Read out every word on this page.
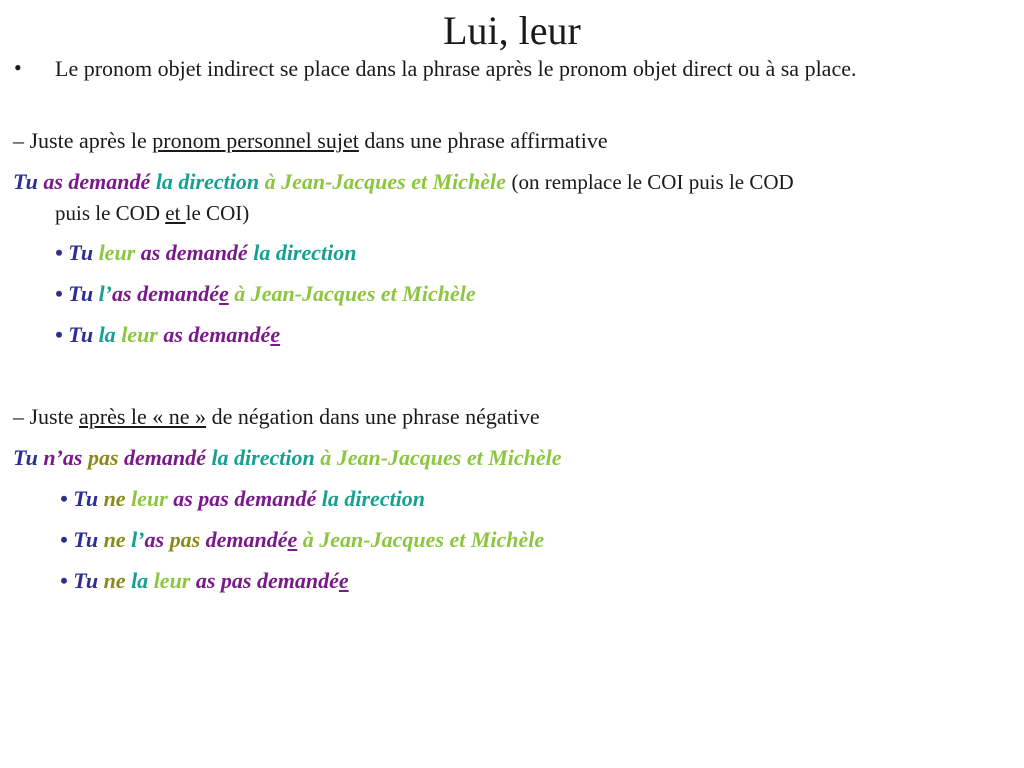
Lui, leur
• Le pronom objet indirect se place dans la phrase après le pronom objet direct ou à sa place.
– Juste après le pronom personnel sujet dans une phrase affirmative
Tu as demandé la direction à Jean-Jacques et Michèle (on remplace le COI puis le COD
puis le COD et le COI)
• Tu leur as demandé la direction
• Tu l’as demandée à Jean-Jacques et Michèle
• Tu la leur as demandée
– Juste après le « ne » de négation dans une phrase négative
Tu n’as pas demandé la direction à Jean-Jacques et Michèle
• Tu ne leur as pas demandé la direction
• Tu ne l’as pas demandée à Jean-Jacques et Michèle
• Tu ne la leur as pas demandée
